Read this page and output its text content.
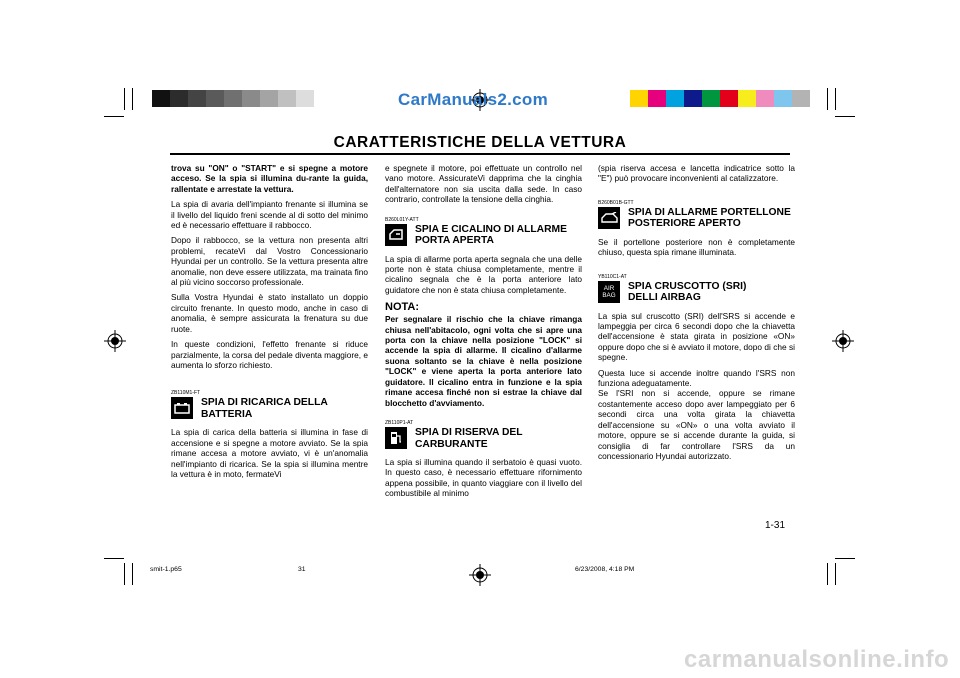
CarManuals2.com
CARATTERISTICHE DELLA VETTURA

trova su "ON" o "START" e si spegne a motore acceso. Se la spia si illumina du-rante la guida, rallentate e arrestate la vettura.

La spia di avaria dell'impianto frenante si illumina se il livello del liquido freni scende al di sotto del minimo ed è necessario effettuare il rabbocco.

Dopo il rabbocco, se la vettura non presenta altri problemi, recateVi dal Vostro Concessionario Hyundai per un controllo. Se la vettura presenta altre anomalie, non deve essere utilizzata, ma trainata fino al più vicino soccorso professionale.

Sulla Vostra Hyundai è stato installato un doppio circuito frenante. In questo modo, anche in caso di anomalia, è sempre assicurata la frenatura su due ruote.

In queste condizioni, l'effetto frenante si riduce parzialmente, la corsa del pedale diventa maggiore, e aumenta lo sforzo richiesto.

ZB110M1-FT
SPIA DI RICARICA DELLA
BATTERIA

La spia di carica della batteria si illumina in fase di accensione e si spegne a motore avviato. Se la spia rimane accesa a motore avviato, vi è un'anomalia nell'impianto di ricarica. Se la spia si illumina mentre la vettura è in moto, fermateVi

e spegnete il motore, poi effettuate un controllo nel vano motore. AssicurateVi dapprima che la cinghia dell'alternatore non sia uscita dalla sede. In caso contrario, controllate la tensione della cinghia.

B260L01Y-ATT
SPIA E CICALINO DI ALLARME
PORTA APERTA

La spia di allarme porta aperta segnala che una delle porte non è stata chiusa completamente, mentre il cicalino segnala che è la porta anteriore lato guidatore che non è stata chiusa completamente.

NOTA:

Per segnalare il rischio che la chiave rimanga chiusa nell'abitacolo, ogni volta che si apre una porta con la chiave nella posizione "LOCK" si accende la spia di allarme. Il cicalino d'allarme suona soltanto se la chiave è nella posizione "LOCK" e viene aperta la porta anteriore lato guidatore. Il cicalino entra in funzione e la spia rimane accesa finché non si estrae la chiave dal blocchetto d'avviamento.

ZB110P1-AT
SPIA DI RISERVA DEL
CARBURANTE

La spia si illumina quando il serbatoio è quasi vuoto. In questo caso, è necessario effettuare rifornimento appena possibile, in quanto viaggiare con il livello del combustibile al minimo

(spia riserva accesa e lancetta indicatrice sotto la "E") può provocare inconvenienti al catalizzatore.

B260B01B-GTT
SPIA DI ALLARME PORTELLONE
POSTERIORE APERTO

Se il portellone posteriore non è completamente chiuso, questa spia rimane illuminata.

YB110C1-AT
AIR
BAG
SPIA CRUSCOTTO (SRI)
DELLI AIRBAG

La spia sul cruscotto (SRI) dell'SRS si accende e lampeggia per circa 6 secondi dopo che la chiavetta dell'accensione è stata girata in posizione «ON» oppure dopo che si è avviato il motore, dopo di che si spegne.

Questa luce si accende inoltre quando l'SRS non funziona adeguatamente.

Se l'SRI non si accende, oppure se rimane costantemente acceso dopo aver lampeggiato per 6 secondi circa una volta girata la chiavetta dell'accensione su «ON» o una volta avviato il motore, oppure se si accende durante la guida, si consiglia di far controllare l'SRS da un concessionario Hyundai autorizzato.

1-31
smit-1.p65	31	6/23/2008, 4:18 PM
carmanualsonline.info
